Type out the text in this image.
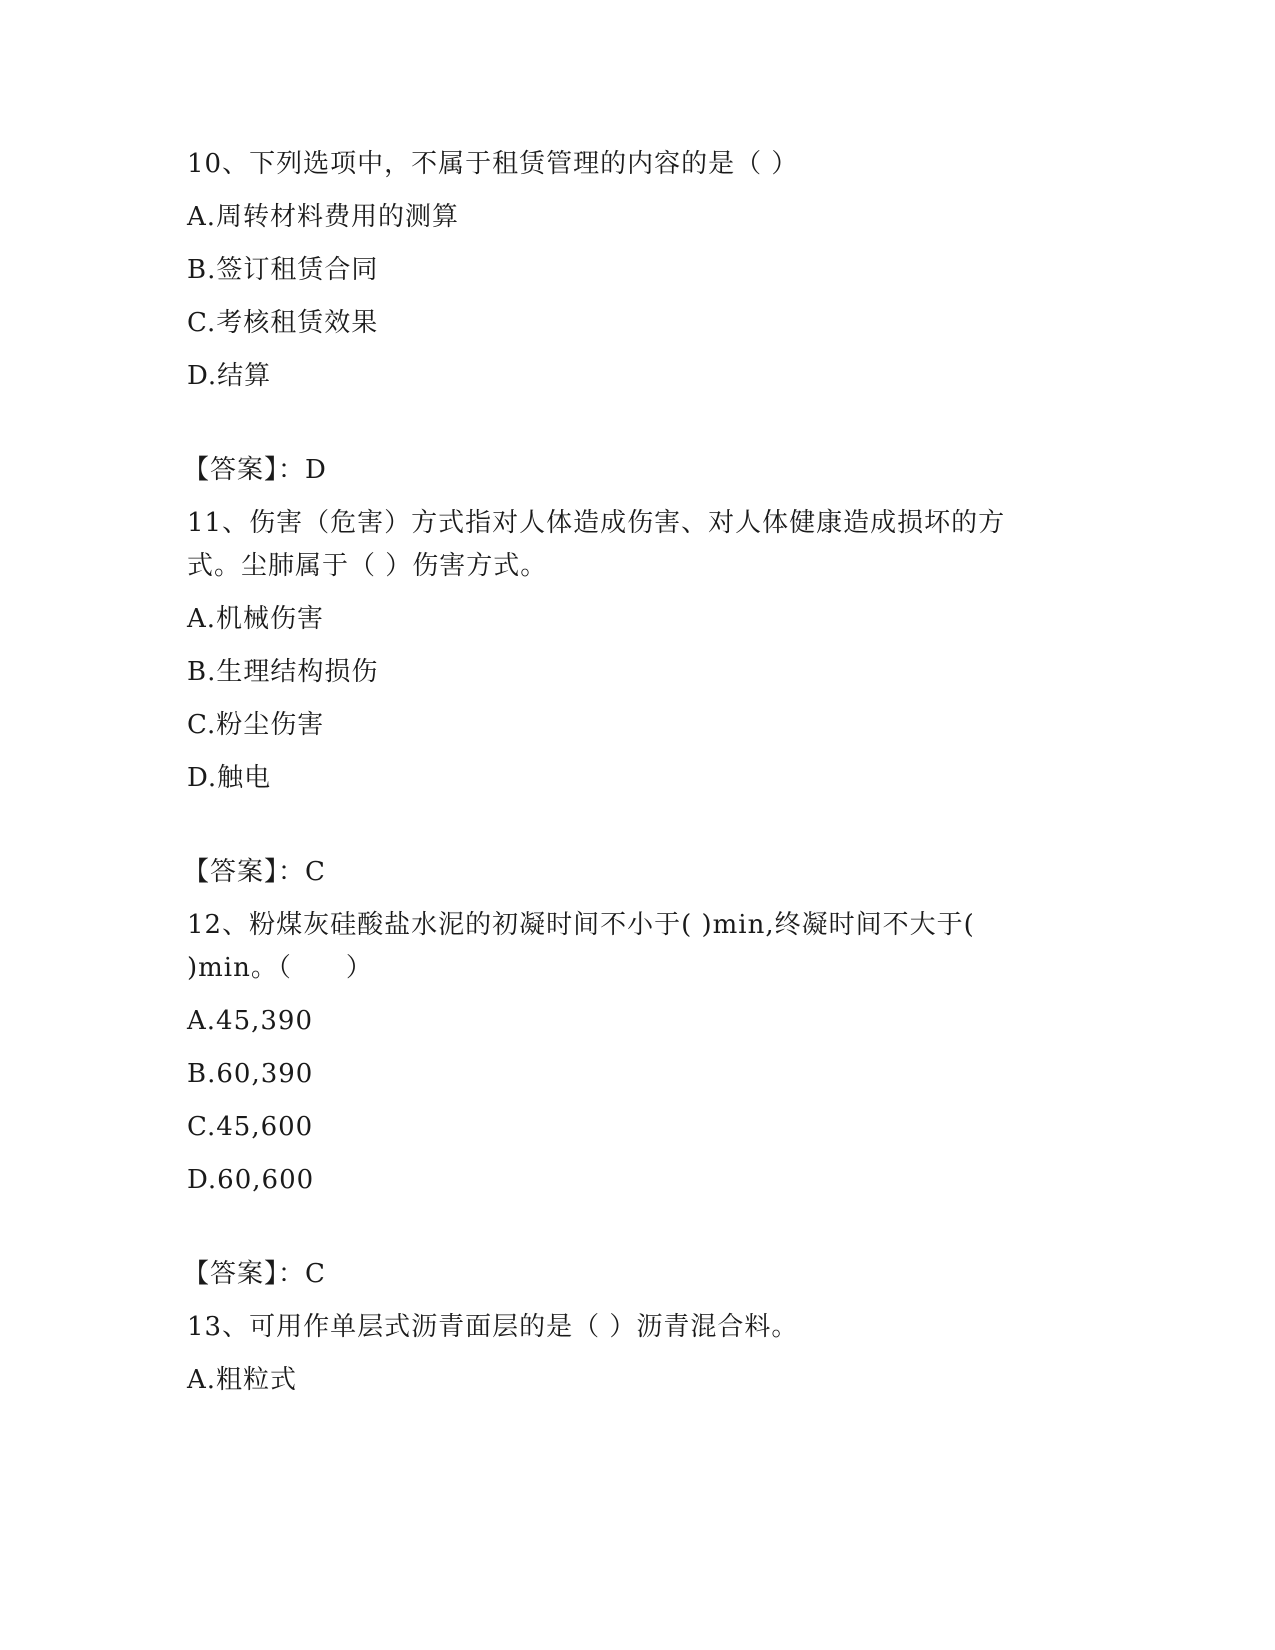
10、下列选项中，不属于租赁管理的内容的是（ ）
A.周转材料费用的测算
B.签订租赁合同
C.考核租赁效果
D.结算
【答案】：D
11、伤害（危害）方式指对人体造成伤害、对人体健康造成损坏的方
式。尘肺属于（ ）伤害方式。
A.机械伤害
B.生理结构损伤
C.粉尘伤害
D.触电
【答案】：C
12、粉煤灰硅酸盐水泥的初凝时间不小于( )min,终凝时间不大于(
)min。（　　）
A.45,390
B.60,390
C.45,600
D.60,600
【答案】：C
13、可用作单层式沥青面层的是（ ）沥青混合料。
A.粗粒式
